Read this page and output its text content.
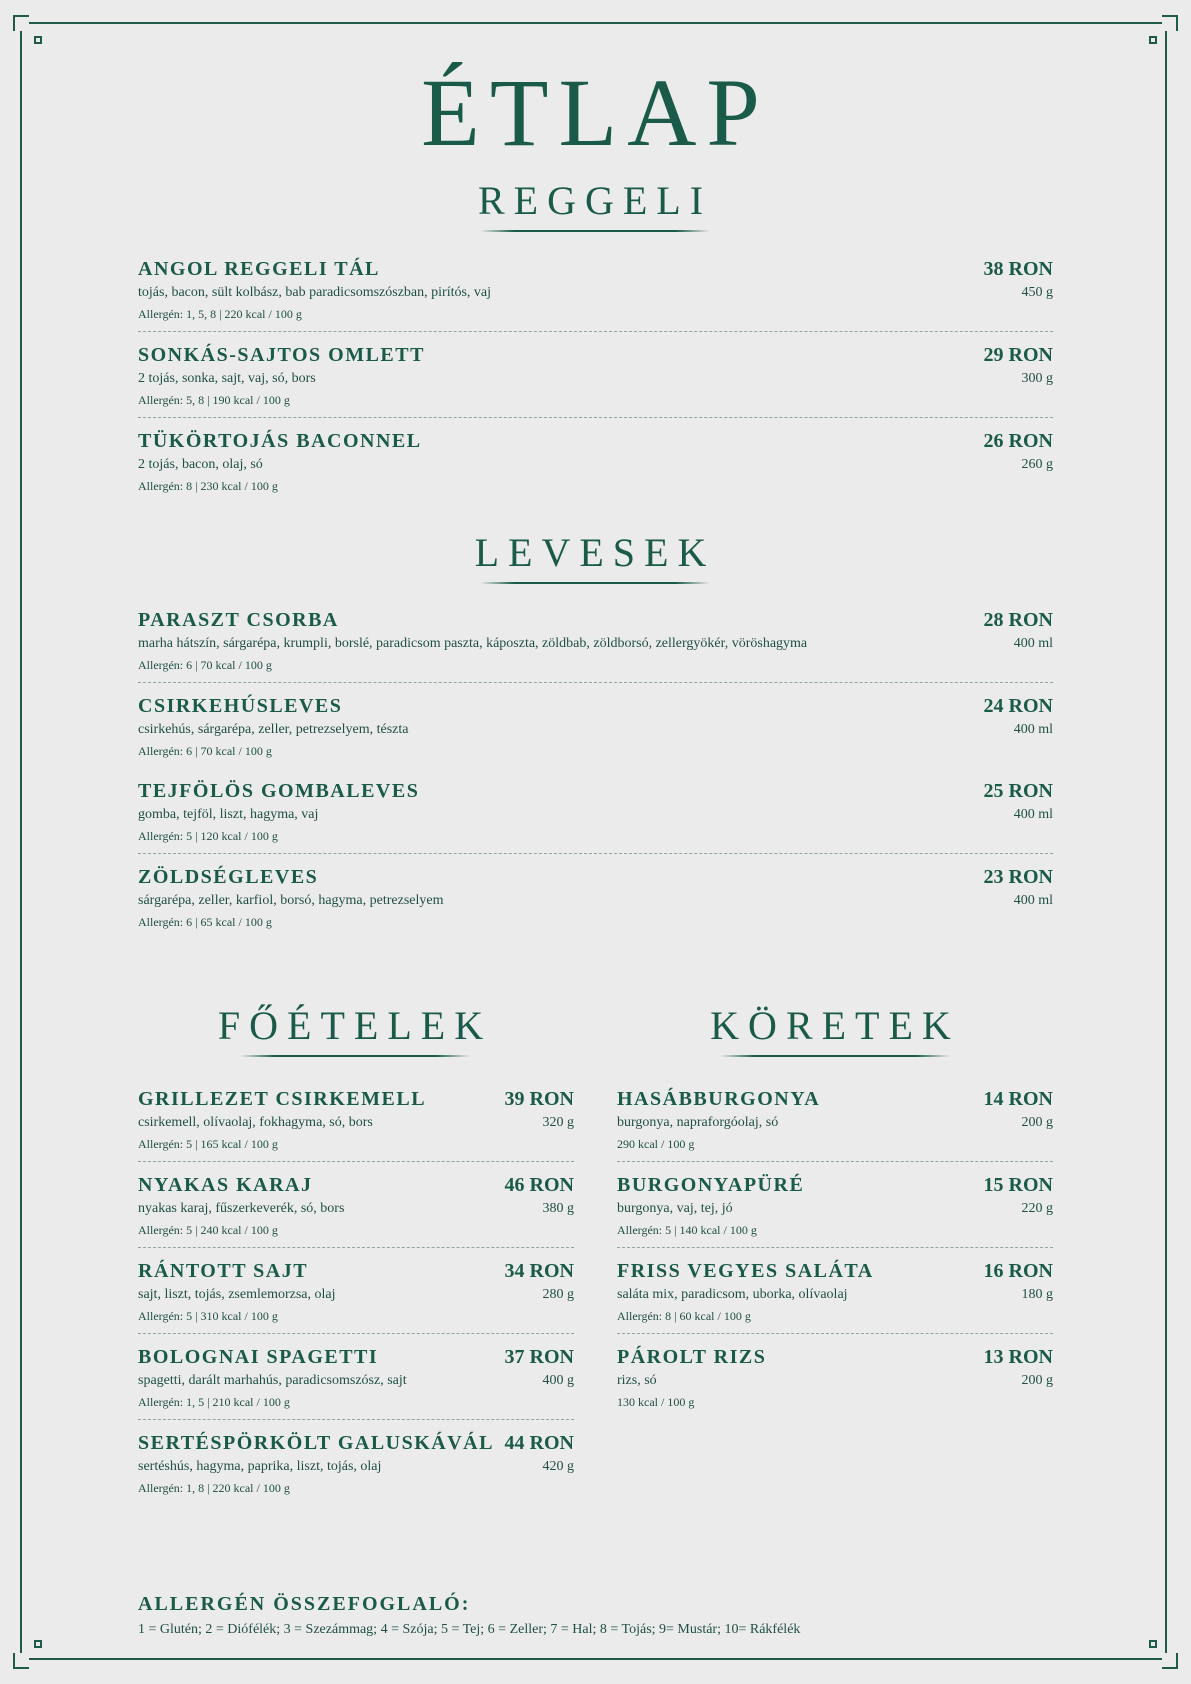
ÉTLAP
REGGELI
ANGOL REGGELI TÁL	38 RON
tojás, bacon, sült kolbász, bab paradicsomszószban, pirítós, vaj	450 g
Allergén: 1, 5, 8 | 220 kcal / 100 g
SONKÁS-SAJTOS OMLETT	29 RON
2 tojás, sonka, sajt, vaj, só, bors	300 g
Allergén: 5, 8 | 190 kcal / 100 g
TÜKÖRTOJÁS BACONNEL	26 RON
2 tojás, bacon, olaj, só	260 g
Allergén: 8 | 230 kcal / 100 g
LEVESEK
PARASZT CSORBA	28 RON
marha hátszín, sárgarépa, krumpli, borslé, paradicsom paszta, káposzta, zöldbab, zöldborsó, zellergyökér, vöröshagyma	400 ml
Allergén: 6 | 70 kcal / 100 g
CSIRKEHÚSLEVES	24 RON
csirkehús, sárgarépa, zeller, petrezselyem, tészta	400 ml
Allergén: 6 | 70 kcal / 100 g
TEJFÖLÖS GOMBALEVES	25 RON
gomba, tejföl, liszt, hagyma, vaj	400 ml
Allergén: 5 | 120 kcal / 100 g
ZÖLDSÉGLEVES	23 RON
sárgarépa, zeller, karfiol, borsó, hagyma, petrezselyem	400 ml
Allergén: 6 | 65 kcal / 100 g
FŐÉTELEK
GRILLEZET CSIRKEMELL	39 RON
csirkemell, olívaolaj, fokhagyma, só, bors	320 g
Allergén: 5 | 165 kcal / 100 g
NYAKAS KARAJ	46 RON
nyakas karaj, fűszerkeverék, só, bors	380 g
Allergén: 5 | 240 kcal / 100 g
RÁNTOTT SAJT	34 RON
sajt, liszt, tojás, zsemlemorzsa, olaj	280 g
Allergén: 5 | 310 kcal / 100 g
BOLOGNAI SPAGETTI	37 RON
spagetti, darált marhahús, paradicsomszósz, sajt	400 g
Allergén: 1, 5 | 210 kcal / 100 g
SERTÉSPÖRKÖLT GALUSKÁVÁL 44 RON
sertéshús, hagyma, paprika, liszt, tojás, olaj	420 g
Allergén: 1, 8 | 220 kcal / 100 g
KÖRETEK
HASÁBBURGONYA	14 RON
burgonya, napraforgóolaj, só	200 g
290 kcal / 100 g
BURGONYAPÜRÉ	15 RON
burgonya, vaj, tej, jó	220 g
Allergén: 5 | 140 kcal / 100 g
FRISS VEGYES SALÁTA	16 RON
saláta mix, paradicsom, uborka, olívaolaj	180 g
Allergén: 8 | 60 kcal / 100 g
PÁROLT RIZS	13 RON
rizs, só	200 g
130 kcal / 100 g
ALLERGÉN ÖSSZEFOGLALÓ:
1 = Glutén; 2 = Diófélék; 3 = Szezámmag; 4 = Szója; 5 = Tej; 6 = Zeller; 7 = Hal; 8 = Tojás; 9= Mustár; 10= Rákfélék
